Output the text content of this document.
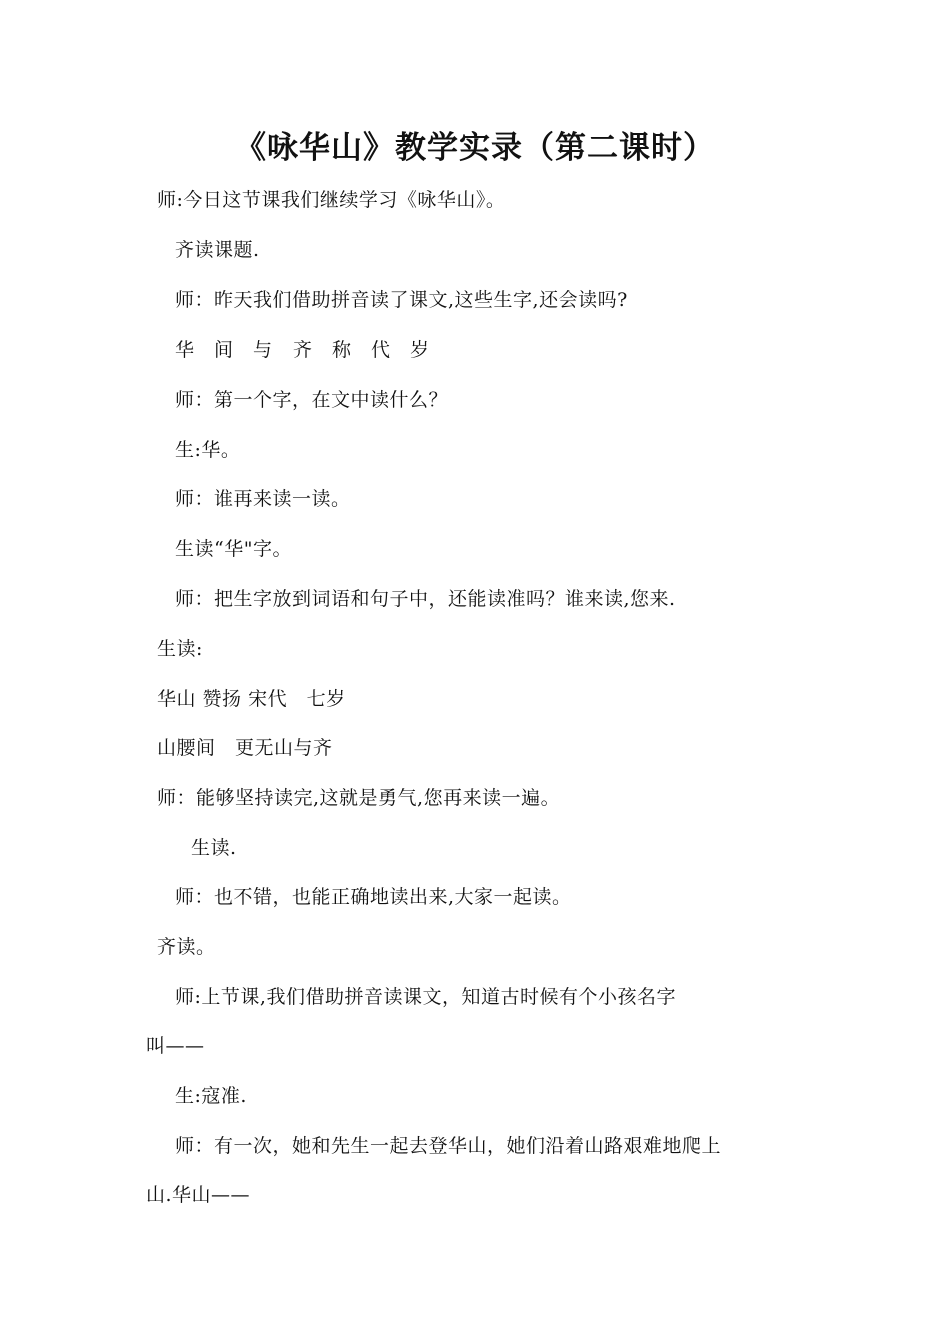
《咏华山》教学实录（第二课时）
师:今日这节课我们继续学习《咏华山》。
齐读课题.
师：昨天我们借助拼音读了课文,这些生字,还会读吗?
华　间　与 齐　称　代　岁
师：第一个字，在文中读什么？
生:华。
师：谁再来读一读。
生读“华"字。
师：把生字放到词语和句子中，还能读准吗？谁来读,您来.
生读:
华山 赞扬 宋代　七岁
山腰间　更无山与齐
师：能够坚持读完,这就是勇气,您再来读一遍。
生读.
师：也不错，也能正确地读出来,大家一起读。
齐读。
师:上节课,我们借助拼音读课文，知道古时候有个小孩名字
叫——
生:寇准.
师：有一次，她和先生一起去登华山，她们沿着山路艰难地爬上
山.华山——
